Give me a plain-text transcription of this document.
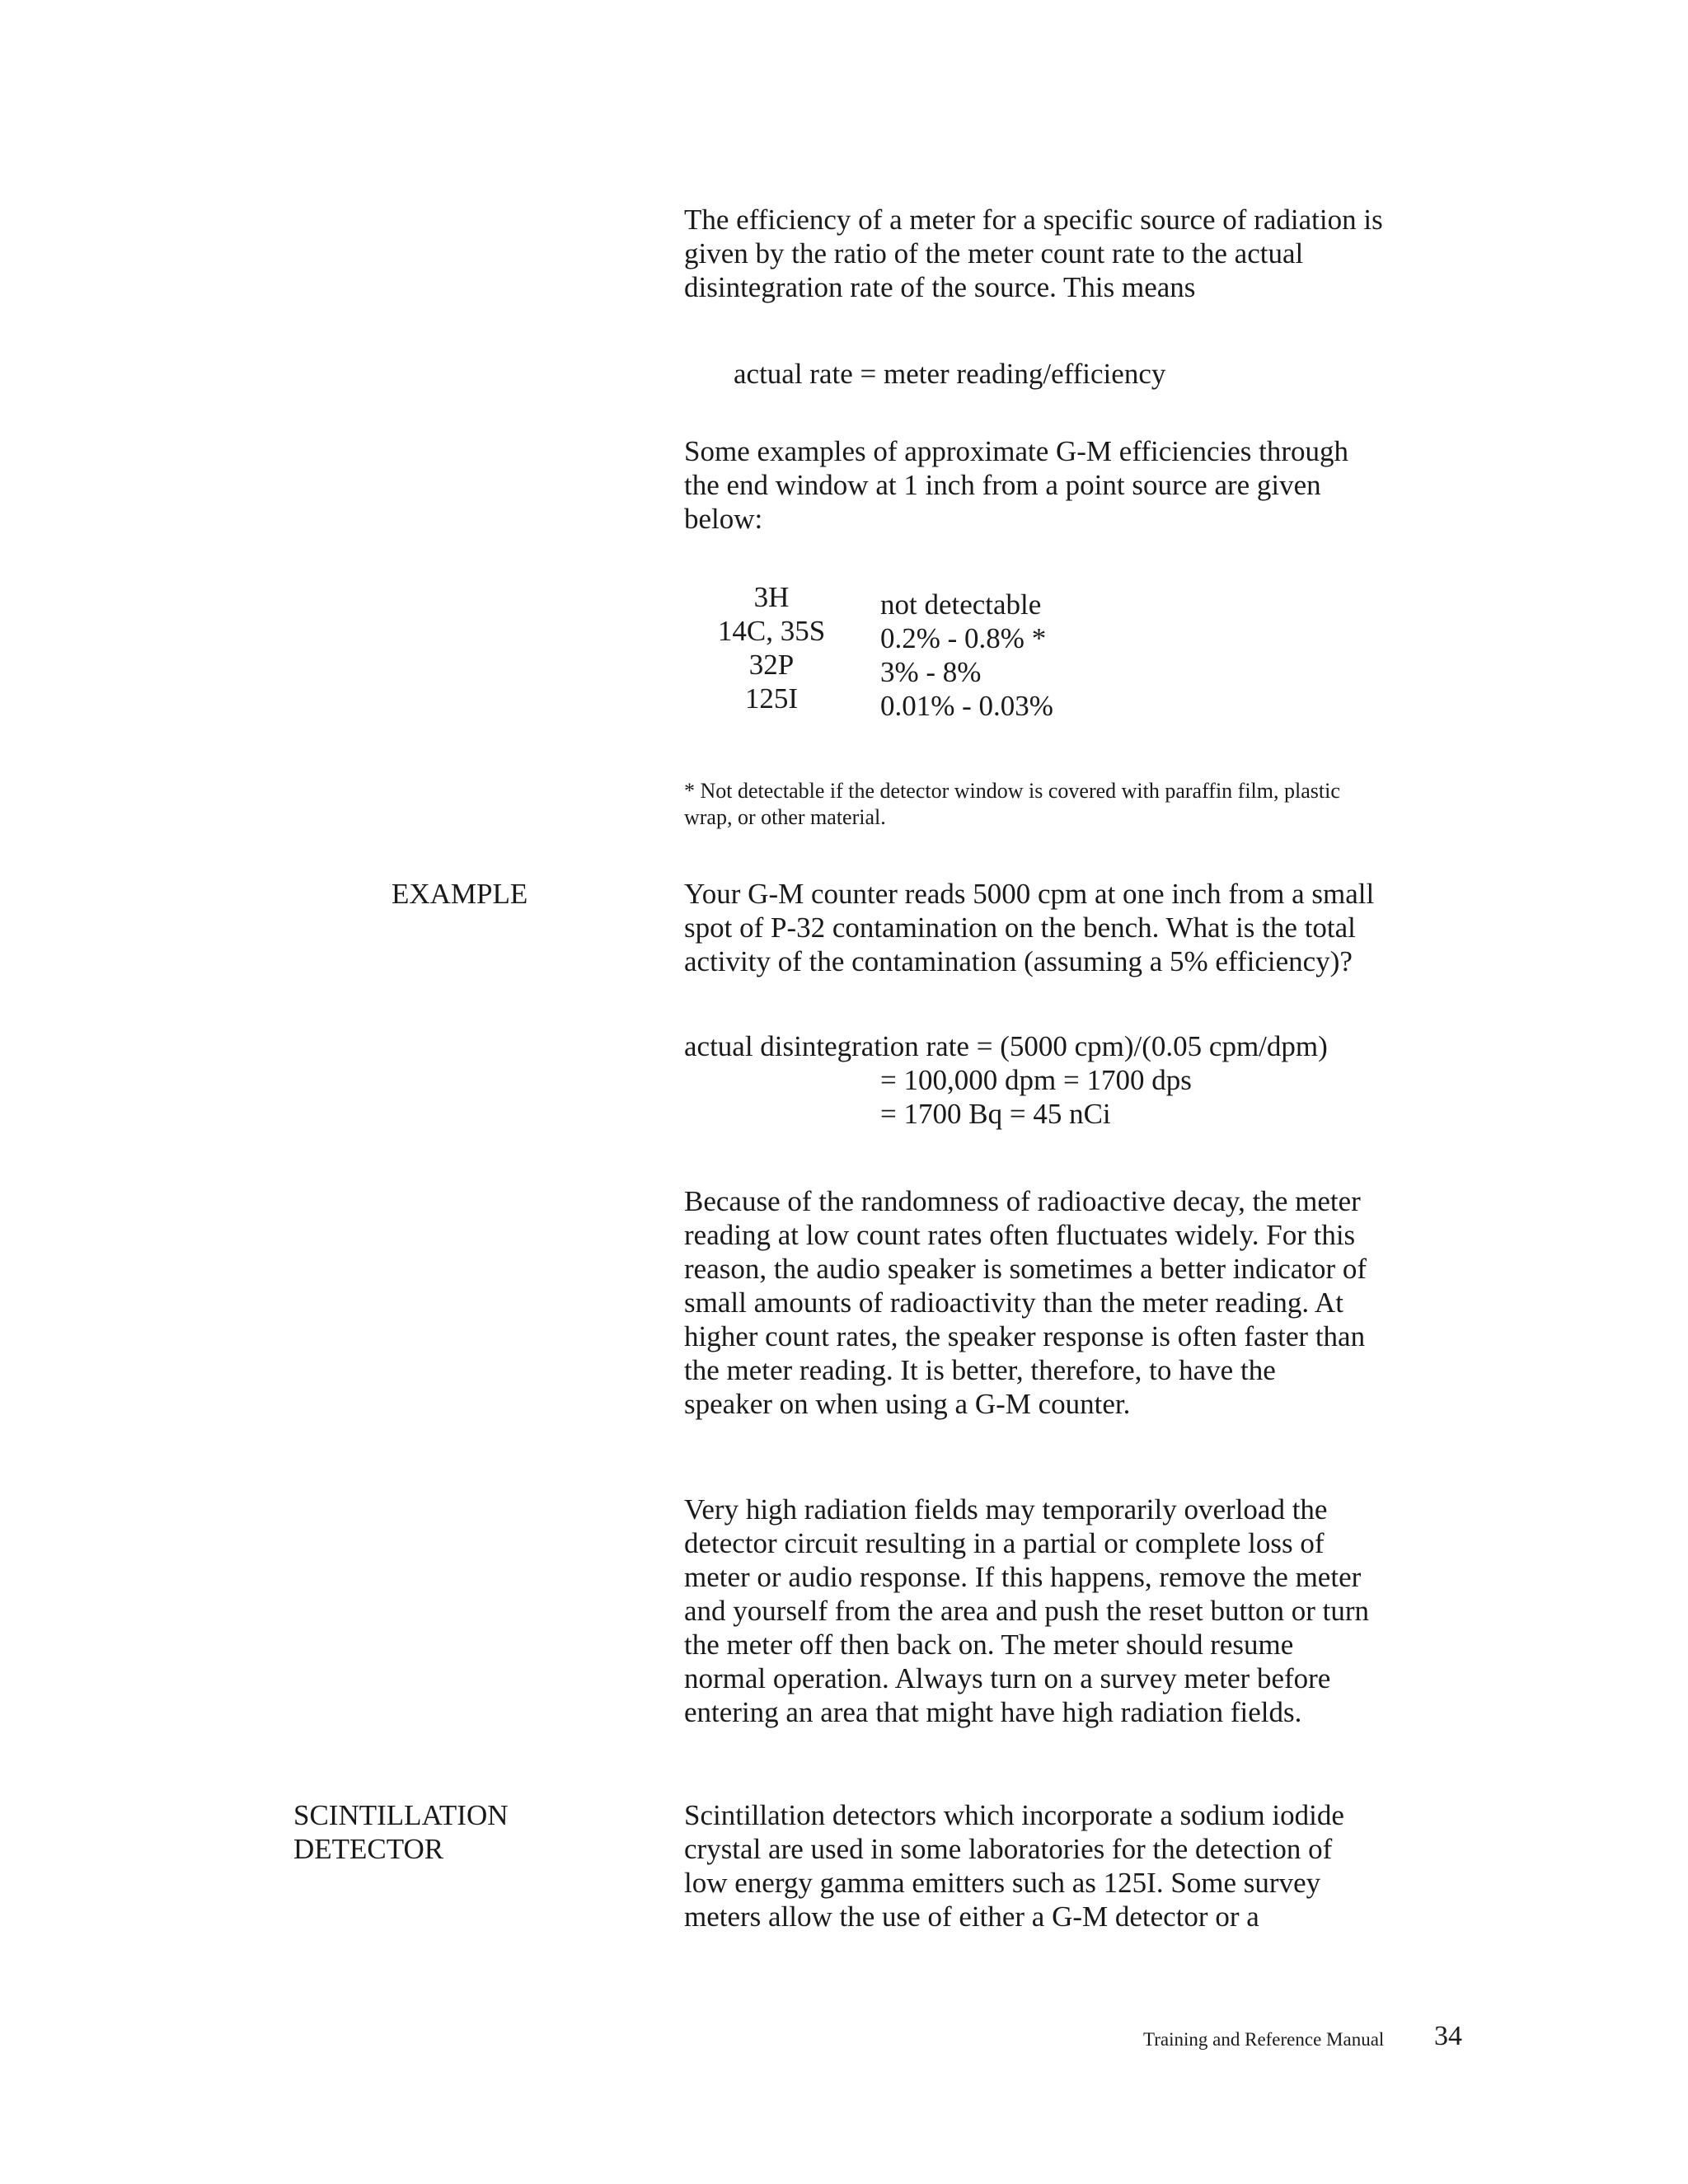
The efficiency of a meter for a specific source of radiation is
given by the ratio of the meter count rate to the actual
disintegration rate of the source. This means
actual rate = meter reading/efficiency
Some examples of approximate G-M efficiencies through
the end window at 1 inch from a point source are given
below:
3H
14C, 35S
32P
125I
not detectable
0.2% - 0.8% *
3% - 8%
0.01% - 0.03%
* Not detectable if the detector window is covered with paraffin film, plastic
wrap, or other material.
EXAMPLE	Your G-M counter reads 5000 cpm at one inch from a small
spot of P-32 contamination on the bench. What is the total
activity of the contamination (assuming a 5% efficiency)?
actual disintegration rate = (5000 cpm)/(0.05 cpm/dpm)
= 100,000 dpm = 1700 dps
= 1700 Bq = 45 nCi
Because of the randomness of radioactive decay, the meter
reading at low count rates often fluctuates widely. For this
reason, the audio speaker is sometimes a better indicator of
small amounts of radioactivity than the meter reading. At
higher count rates, the speaker response is often faster than
the meter reading. It is better, therefore, to have the
speaker on when using a G-M counter.
Very high radiation fields may temporarily overload the
detector circuit resulting in a partial or complete loss of
meter or audio response. If this happens, remove the meter
and yourself from the area and push the reset button or turn
the meter off then back on. The meter should resume
normal operation. Always turn on a survey meter before
entering an area that might have high radiation fields.
SCINTILLATION
DETECTOR
Scintillation detectors which incorporate a sodium iodide
crystal are used in some laboratories for the detection of
low energy gamma emitters such as 125I. Some survey
meters allow the use of either a G-M detector or a
Training and Reference Manual 34
